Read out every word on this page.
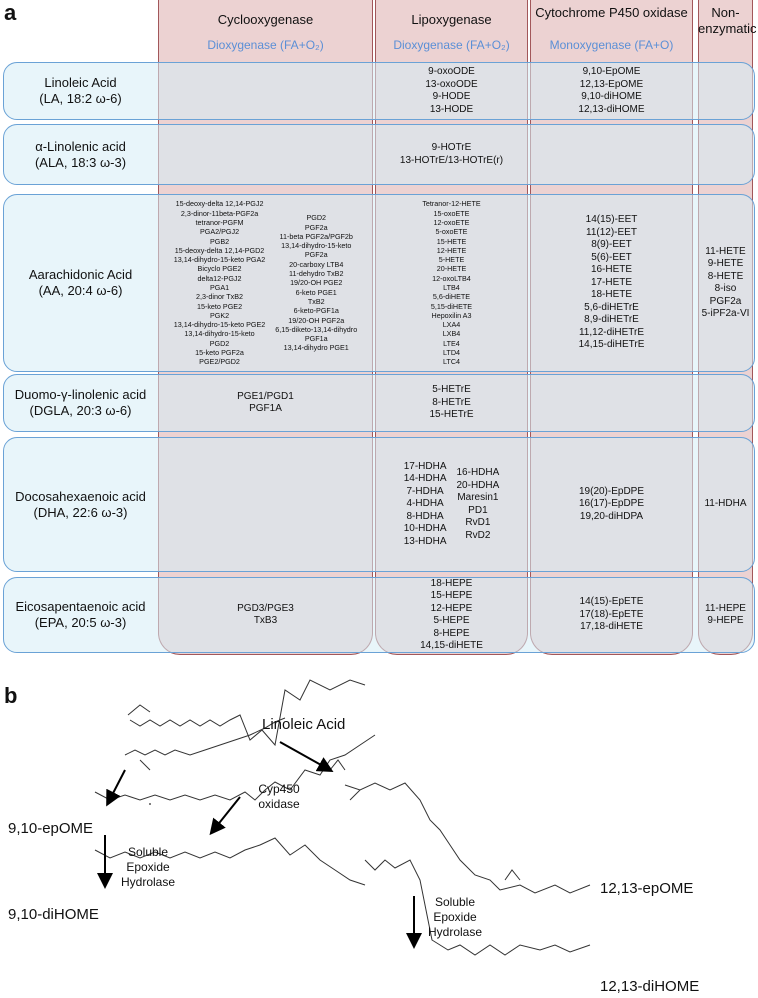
a	Cyclooxygenase
Dioxygenase (FA+O₂)
Lipoxygenase
Dioxygenase (FA+O₂)
Cytochrome P450 oxidase
Monoxygenase (FA+O)
Non-enzymatic
Linoleic Acid
(LA, 18:2 ω-6)
9-oxoODE
13-oxoODE
9-HODE
13-HODE
9,10-EpOME
12,13-EpOME
9,10-diHOME
12,13-diHOME
α-Linolenic acid
(ALA, 18:3 ω-3)
9-HOTrE
13-HOTrE/13-HOTrE(r)
Aarachidonic Acid
(AA, 20:4 ω-6)
15-deoxy-delta 12,14-PGJ2
2,3-dinor-11beta-PGF2a
tetranor-PGFM
PGA2/PGJ2
PGB2
15-deoxy-delta 12,14-PGD2
13,14-dihydro-15-keto PGA2
Bicyclo PGE2
delta12-PGJ2
PGA1
2,3-dinor TxB2
15-keto PGE2
PGK2
13,14-dihydro-15-keto PGE2
13,14-dihydro-15-keto
PGD2
15-keto PGF2a
PGE2/PGD2
PGD2
PGF2a
11-beta PGF2a/PGF2b
13,14-dihydro-15-keto
PGF2a
20-carboxy LTB4
11-dehydro TxB2
19/20-OH PGE2
6-keto PGE1
TxB2
6-keto-PGF1a
19/20-OH PGF2a
6,15-diketo-13,14-dihydro
PGF1a
13,14-dihydro PGE1
Tetranor-12-HETE
15-oxoETE
12-oxoETE
5-oxoETE
15-HETE
12-HETE
5-HETE
20-HETE
12-oxoLTB4
LTB4
5,6-diHETE
5,15-diHETE
Hepoxilin A3
LXA4
LXB4
LTE4
LTD4
LTC4
14(15)-EET
11(12)-EET
8(9)-EET
5(6)-EET
16-HETE
17-HETE
18-HETE
5,6-diHETrE
8,9-diHETrE
11,12-diHETrE
14,15-diHETrE
11-HETE
9-HETE
8-HETE
8-iso PGF2a
5-iPF2a-VI
Duomo-γ-linolenic acid
(DGLA, 20:3 ω-6)
PGE1/PGD1
PGF1A
5-HETrE
8-HETrE
15-HETrE
Docosahexaenoic acid
(DHA, 22:6 ω-3)
17-HDHA
14-HDHA
7-HDHA
4-HDHA
8-HDHA
10-HDHA
13-HDHA
16-HDHA
20-HDHA
Maresin1
PD1
RvD1
RvD2
19(20)-EpDPE
16(17)-EpDPE
19,20-diHDPA
11-HDHA
Eicosapentaenoic acid
(EPA, 20:5 ω-3)
PGD3/PGE3
TxB3
18-HEPE
15-HEPE
12-HEPE
5-HEPE
8-HEPE
14,15-diHETE
14(15)-EpETE
17(18)-EpETE
17,18-diHETE
11-HEPE
9-HEPE
b
Linoleic Acid
Cyp450 oxidase
9,10-epOME
Soluble Epoxide Hydrolase
9,10-diHOME
12,13-epOME
Soluble Epoxide Hydrolase
12,13-diHOME
